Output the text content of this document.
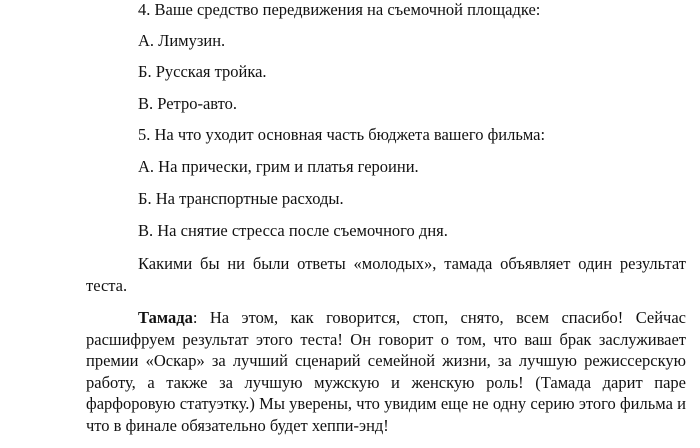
4. Ваше средство передвижения на съемочной площадке:
А. Лимузин.
Б. Русская тройка.
В. Ретро-авто.
5. На что уходит основная часть бюджета вашего фильма:
А. На прически, грим и платья героини.
Б. На транспортные расходы.
В. На снятие стресса после съемочного дня.
Какими бы ни были ответы «молодых», тамада объявляет один результат теста.
Тамада: На этом, как говорится, стоп, снято, всем спасибо! Сейчас расшифруем результат этого теста! Он говорит о том, что ваш брак заслуживает премии «Оскар» за лучший сценарий семейной жизни, за лучшую режиссерскую работу, а также за лучшую мужскую и женскую роль! (Тамада дарит паре фарфоровую статуэтку.) Мы уверены, что увидим еще не одну серию этого фильма и что в финале обязательно будет хеппи-энд!
